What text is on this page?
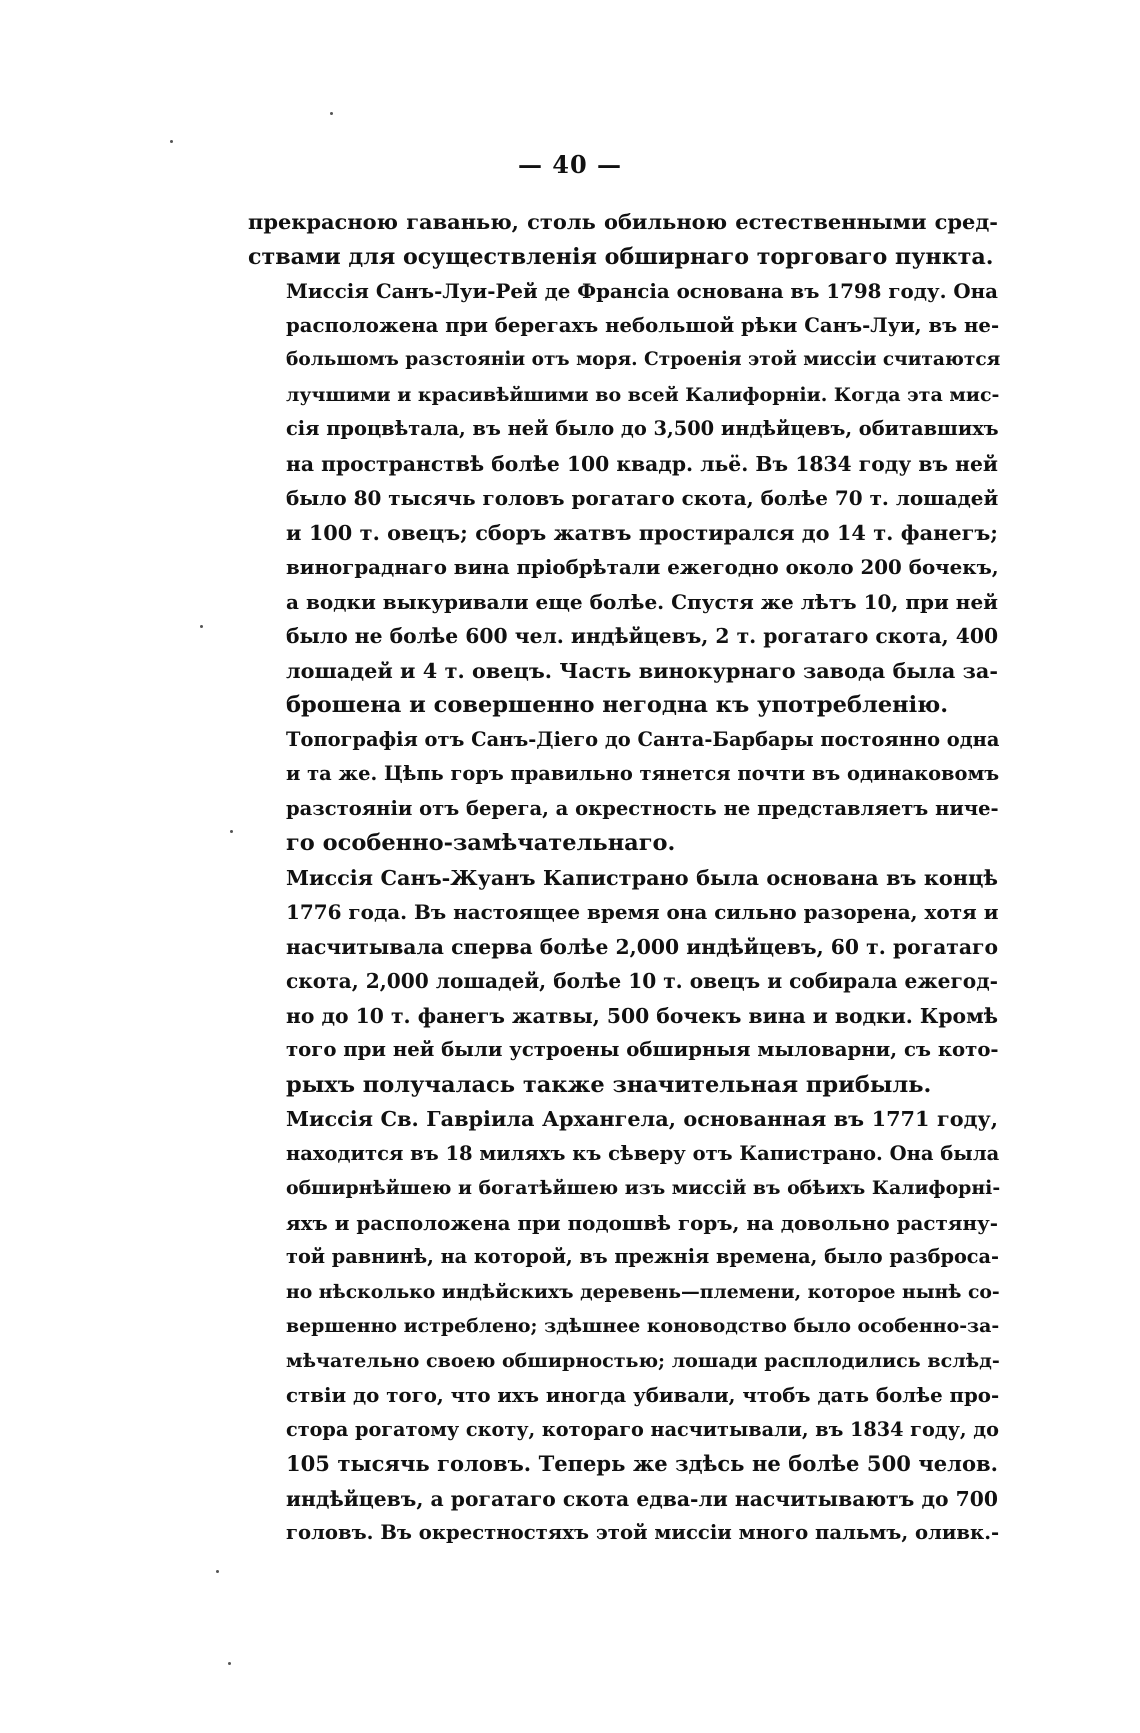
— 40 —

прекрасною гаванью, столь обильною естественными сред-
ствами для осуществленія обширнаго торговаго пункта.

Миссія Санъ-Луи-Рей де Франсіа основана въ 1798 году. Она
расположена при берегахъ небольшой рѣки Санъ-Луи, въ не-
большомъ разстояніи отъ моря. Строенія этой миссіи считаются
лучшими и красивѣйшими во всей Калифорніи. Когда эта мис-
сія процвѣтала, въ ней было до 3,500 индѣйцевъ, обитавшихъ
на пространствѣ болѣе 100 квадр. льё. Въ 1834 году въ ней
было 80 тысячь головъ рогатаго скота, болѣе 70 т. лошадей
и 100 т. овецъ; сборъ жатвъ простирался до 14 т. фанегъ;
винограднаго вина пріобрѣтали ежегодно около 200 бочекъ,
а водки выкуривали еще болѣе. Спустя же лѣтъ 10, при ней
было не болѣе 600 чел. индѣйцевъ, 2 т. рогатаго скота, 400
лошадей и 4 т. овецъ. Часть винокурнаго завода была за-
брошена и совершенно негодна къ употребленію.

Топографія отъ Санъ-Діего до Санта-Барбары постоянно одна
и та же. Цѣпь горъ правильно тянется почти въ одинаковомъ
разстояніи отъ берега, а окрестность не представляетъ ниче-
го особенно-замѣчательнаго.

Миссія Санъ-Жуанъ Капистрано была основана въ концѣ
1776 года. Въ настоящее время она сильно разорена, хотя и
насчитывала сперва болѣе 2,000 индѣйцевъ, 60 т. рогатаго
скота, 2,000 лошадей, болѣе 10 т. овецъ и собирала ежегод-
но до 10 т. фанегъ жатвы, 500 бочекъ вина и водки. Кромѣ
того при ней были устроены обширныя мыловарни, съ кото-
рыхъ получалась также значительная прибыль.

Миссія Св. Гавріила Архангела, основанная въ 1771 году,
находится въ 18 миляхъ къ сѣверу отъ Капистрано. Она была
обширнѣйшею и богатѣйшею изъ миссій въ обѣихъ Калифорні-
яхъ и расположена при подошвѣ горъ, на довольно растяну-
той равнинѣ, на которой, въ прежнія времена, было разброса-
но нѣсколько индѣйскихъ деревень—племени, которое нынѣ со-
вершенно истреблено; здѣшнее коноводство было особенно-за-
мѣчательно своею обширностью; лошади расплодились вслѣд-
ствіи до того, что ихъ иногда убивали, чтобъ дать болѣе про-
стора рогатому скоту, котораго насчитывали, въ 1834 году, до
105 тысячь головъ. Теперь же здѣсь не болѣе 500 челов.
индѣйцевъ, а рогатаго скота едва-ли насчитываютъ до 700
головъ. Въ окрестностяхъ этой миссіи много пальмъ, оливк.-
